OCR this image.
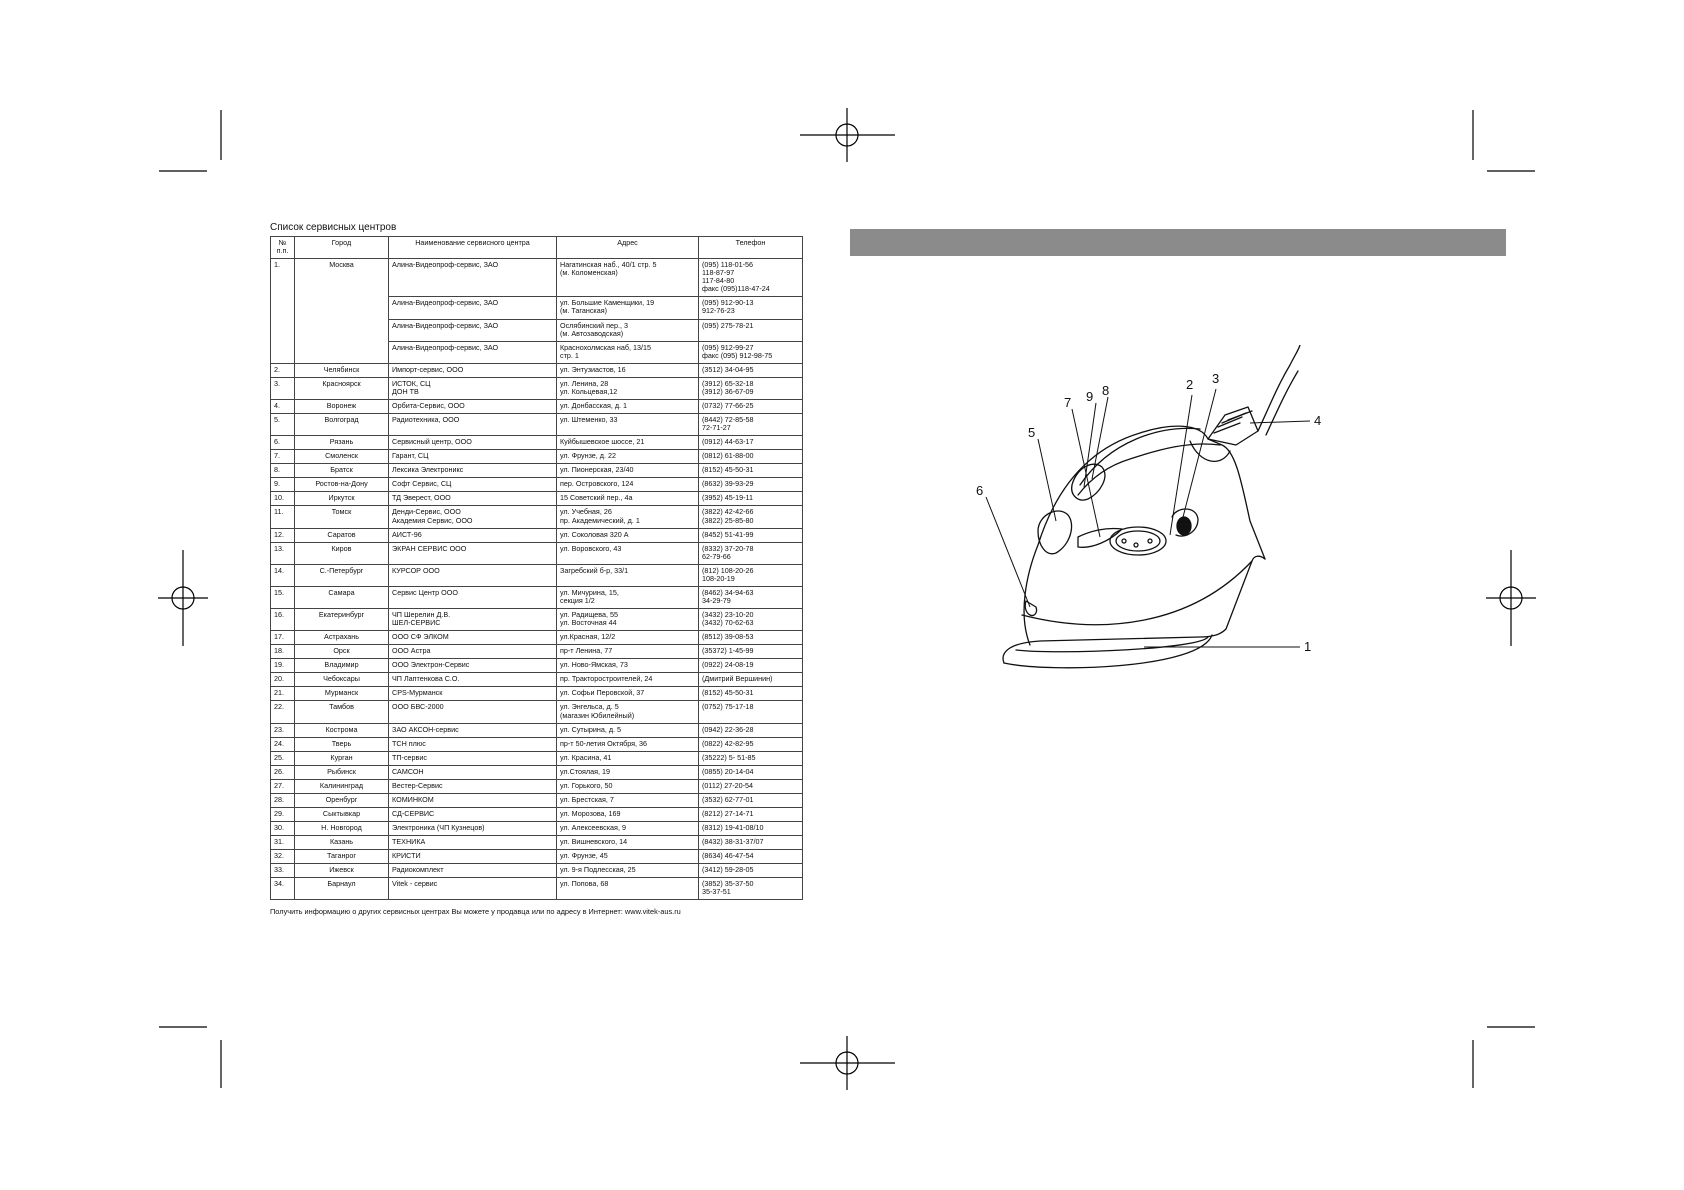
Список сервисных центров
№ п.п.	Город	Наименование сервисного центра	Адрес	Телефон
1.	Москва	Алина-Видеопроф-сервис, ЗАО	Нагатинская наб., 40/1 стр. 5
(м. Коломенская)	(095) 118-01-56
118-87-97
117-84-80
факс (095)118-47-24
		Алина-Видеопроф-сервис, ЗАО	ул. Большие Каменщики, 19
(м. Таганская)	(095) 912-90-13
912-76-23
		Алина-Видеопроф-сервис, ЗАО	Ослябинский пер., 3
(м. Автозаводская)	(095) 275-78-21
		Алина-Видеопроф-сервис, ЗАО	Краснохолмская наб, 13/15
стр. 1	(095) 912-99-27
факс (095) 912-98-75
2.	Челябинск	Импорт-сервис, ООО	ул. Энтузиастов, 16	(3512) 34-04-95
3.	Красноярск	ИСТОК, СЦ
ДОН ТВ	ул. Ленина, 28
ул. Кольцевая,12	(3912) 65-32-18
(3912) 36-67-09
4.	Воронеж	Орбита-Сервис, ООО	ул. Донбасская, д. 1	(0732) 77-66-25
5.	Волгоград	Радиотехника, ООО	ул. Штеменко, 33	(8442) 72-85-58
72-71-27
6.	Рязань	Сервисный центр, ООО	Куйбышевское шоссе, 21	(0912) 44-63-17
7.	Смоленск	Гарант, СЦ	ул. Фрунзе, д. 22	(0812) 61-88-00
8.	Братск	Лексика Электроникс	ул. Пионерская, 23/40	(8152) 45-50-31
9.	Ростов-на-Дону	Софт Сервис, СЦ	пер. Островского, 124	(8632) 39-93-29
10.	Иркутск	ТД Эверест, ООО	15 Советский пер., 4а	(3952) 45-19-11
11.	Томск	Денди-Сервис, ООО
Академия Сервис, ООО	ул. Учебная, 26
пр. Академический, д. 1	(3822) 42-42-66
(3822) 25-85-80
12.	Саратов	АИСТ-96	ул. Соколовая 320 А	(8452) 51-41-99
13.	Киров	ЭКРАН СЕРВИС ООО	ул. Воровского, 43	(8332) 37-20-78
62-79-66
14.	С.-Петербург	КУРСОР ООО	Загребский б-р, 33/1	(812) 108-20-26
108-20-19
15.	Самара	Сервис Центр ООО	ул. Мичурина, 15,
секция 1/2	(8462) 34-94-63
34-29-79
16.	Екатеринбург	ЧП Шерелин Д.В.
ШЕЛ-СЕРВИС	ул. Радищева, 55
ул. Восточная 44	(3432) 23-10-20
(3432) 70-62-63
17.	Астрахань	ООО СФ ЭЛКОМ	ул.Красная, 12/2	(8512) 39-08-53
18.	Орск	ООО Астра	пр-т Ленина, 77	(35372) 1-45-99
19.	Владимир	ООО Электрон-Сервис	ул. Ново-Ямская, 73	(0922) 24-08-19
20.	Чебоксары	ЧП Лаптенкова С.О.	пр. Тракторостроителей, 24	(Дмитрий Вершинин)
21.	Мурманск	CPS-Мурманск	ул. Софьи Перовской, 37	(8152) 45-50-31
22.	Тамбов	ООО БВС-2000	ул. Энгельса, д. 5
(магазин Юбилейный)	(0752) 75-17-18
23.	Кострома	ЗАО АКСОН-сервис	ул. Сутырина, д. 5	(0942) 22-36-28
24.	Тверь	ТСН плюс	пр-т 50-летия Октября, 36	(0822) 42-82-95
25.	Курган	ТП-сервис	ул. Красина, 41	(35222) 5- 51-85
26.	Рыбинск	САМСОН	ул.Стоялая, 19	(0855) 20-14-04
27.	Калининград	Вестер-Сервис	ул. Горького, 50	(0112) 27-20-54
28.	Оренбург	КОМИНКОМ	ул. Брестская, 7	(3532) 62-77-01
29.	Сыктывкар	СД-СЕРВИС	ул. Морозова, 169	(8212) 27-14-71
30.	Н. Новгород	Электроника (ЧП Кузнецов)	ул. Алексеевская, 9	(8312) 19-41-08/10
31.	Казань	ТЕХНИКА	ул. Вишневского, 14	(8432) 38-31-37/07
32.	Таганрог	КРИСТИ	ул. Фрунзе, 45	(8634) 46-47-54
33.	Ижевск	Радиокомплект	ул. 9-я Подлесская, 25	(3412) 59-28-05
34.	Барнаул	Vitek - сервис	ул. Попова, 68	(3852) 35-37-50
35-37-51
Получить информацию о других сервисных центрах Вы можете у продавца или по адресу в Интернет: www.vitek-aus.ru
1
2 3
4
5
6
7
8
9
